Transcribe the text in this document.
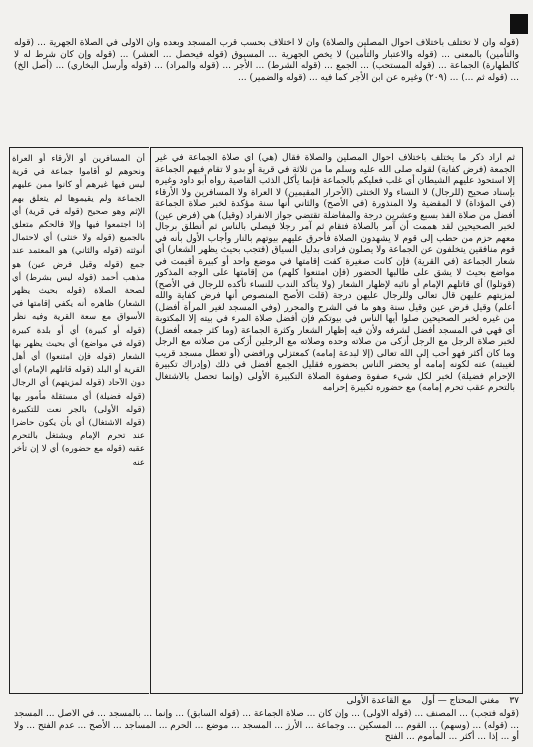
(قوله وأن لا تختلف باختلاف أحوال المصلين والصلاة) وأن لا اختلاف بحسب قرب المسجد وبعده وأن الأولى في الصلاة الجهرية ... (قوله والتأمين) بالمعنى ... (قوله والاعتبار والتأمين) لا يخص الجهرية ... المسبوق (قوله فيحصل ... العشر) ... (قوله وإن كان شرط له لا كالطهارة) الجماعة ... (قوله المستحب) ... الجمع ... (قوله الشرط) ... الأجر ... (قوله والمراد) ... (قوله وأرسل البخاري) ... (أصل الخ) ... (قوله ثم ...) ... (٢٠٩) وغيره عن ابن الأجر كما فيه ... (قوله والضمير) ...
ثم أراد ذكر ما يختلف باختلاف أحوال المصلين والصلاة فقال (هي) أي صلاة الجماعة في غير الجمعة (فرض كفاية) لقوله صلى الله عليه وسلم ما من ثلاثة في قرية أو بدو لا تقام فيهم الجماعة إلا استحوذ عليهم الشيطان أي غلب فعليكم بالجماعة فإنما يأكل الذئب القاصية رواه أبو داود وغيره بإسناد صحيح (للرجال) لا النساء ولا الخنثى (الأحرار المقيمين) لا العراة ولا المسافرين ولا الأرقاء (في المؤداة) لا المقضية ولا المنذورة (في الأصح) والثاني أنها سنة مؤكدة لخبر صلاة الجماعة أفضل من صلاة الفذ بسبع وعشرين درجة والمفاضلة تقتضي جواز الانفراد (وقيل) هي (فرض عين) لخبر الصحيحين لقد هممت أن آمر بالصلاة فتقام ثم آمر رجلا فيصلي بالناس ثم أنطلق برجال معهم حزم من حطب إلى قوم لا يشهدون الصلاة فأحرق عليهم بيوتهم بالنار وأجاب الأول بأنه في قوم منافقين يتخلفون عن الجماعة ولا يصلون فرادى بدليل السياق (فتجب بحيث يظهر الشعار) أي شعار الجماعة (في القرية) فإن كانت صغيرة كفت إقامتها في موضع واحد أو كبيرة أقيمت في مواضع بحيث لا يشق على طالبها الحضور (فإن امتنعوا كلهم) من إقامتها على الوجه المذكور (قوتلوا) أي قاتلهم الإمام أو نائبه لإظهار الشعار (ولا يتأكد الندب للنساء تأكده للرجال في الأصح) لمزيتهم عليهن قال تعالى وللرجال عليهن درجة (قلت الأصح المنصوص أنها فرض كفاية والله أعلم) وقيل فرض عين وقيل سنة وهو ما في الشرح والمحرر (وفي المسجد لغير المرأة أفضل) من غيره لخبر الصحيحين صلوا أيها الناس في بيوتكم فإن أفضل صلاة المرء في بيته إلا المكتوبة أي فهي في المسجد أفضل لشرفه ولأن فيه إظهار الشعار وكثرة الجماعة (وما كثر جمعه أفضل) لخبر صلاة الرجل مع الرجل أزكى من صلاته وحده وصلاته مع الرجلين أزكى من صلاته مع الرجل وما كان أكثر فهو أحب إلى الله تعالى (إلا لبدعة إمامه) كمعتزلي ورافضي (أو تعطل مسجد قريب لغيبته) عنه لكونه إمامه أو يحضر الناس بحضوره فقليل الجمع أفضل في ذلك (وإدراك تكبيرة الإحرام فضيلة) لخبر لكل شيء صفوة وصفوة الصلاة التكبيرة الأولى (وإنما تحصل بالاشتغال بالتحرم عقب تحرم إمامه) مع حضوره تكبيرة إحرامه
أن المسافرين أو الأرقاء أو العراة ونحوهم لو أقاموا جماعة في قرية ليس فيها غيرهم أو كانوا ممن عليهم الجماعة ولم يقيموها لم يتعلق بهم الإثم وهو صحيح (قوله في قرية) أي إذا اجتمعوا فيها وإلا فالحكم متعلق بالجميع (قوله ولا خنثى) أي لاحتمال أنوثته (قوله والثاني) هو المعتمد عند جمع (قوله وقيل فرض عين) هو مذهب أحمد (قوله ليس بشرط) أي لصحة الصلاة (قوله بحيث يظهر الشعار) ظاهره أنه يكفي إقامتها في الأسواق مع سعة القرية وفيه نظر (قوله أو كبيرة) أي أو بلدة كبيرة (قوله في مواضع) أي بحيث يظهر بها الشعار (قوله فإن امتنعوا) أي أهل القرية أو البلد (قوله قاتلهم الإمام) أي دون الآحاد (قوله لمزيتهم) أي الرجال (قوله فضيلة) أي مستقلة مأمور بها (قوله الأولى) بالجر نعت للتكبيرة (قوله الاشتغال) أي بأن يكون حاضرا عند تحرم الإمام ويشتغل بالتحرم عقبه (قوله مع حضوره) أي لا إن تأخر عنه
٣٧
مغني المحتاج — أول
مع القاعدة الأولى
(قوله فتجب) ... المصنف ... (قوله الأولى) ... وإن كان ... صلاة الجماعة ... (قوله السابق) ... وإنما ... بالمسجد ... في الأصل ... المسجد ... (قوله) ... (وسهم) ... القوم ... المسكين ... وجماعة ... الأرز ... المسجد ... موضع ... الحرم ... المساجد ... الأصح ... عدم الفتح ... ولا أو ... إذا ... أكثر ... المأموم ... الفتح
